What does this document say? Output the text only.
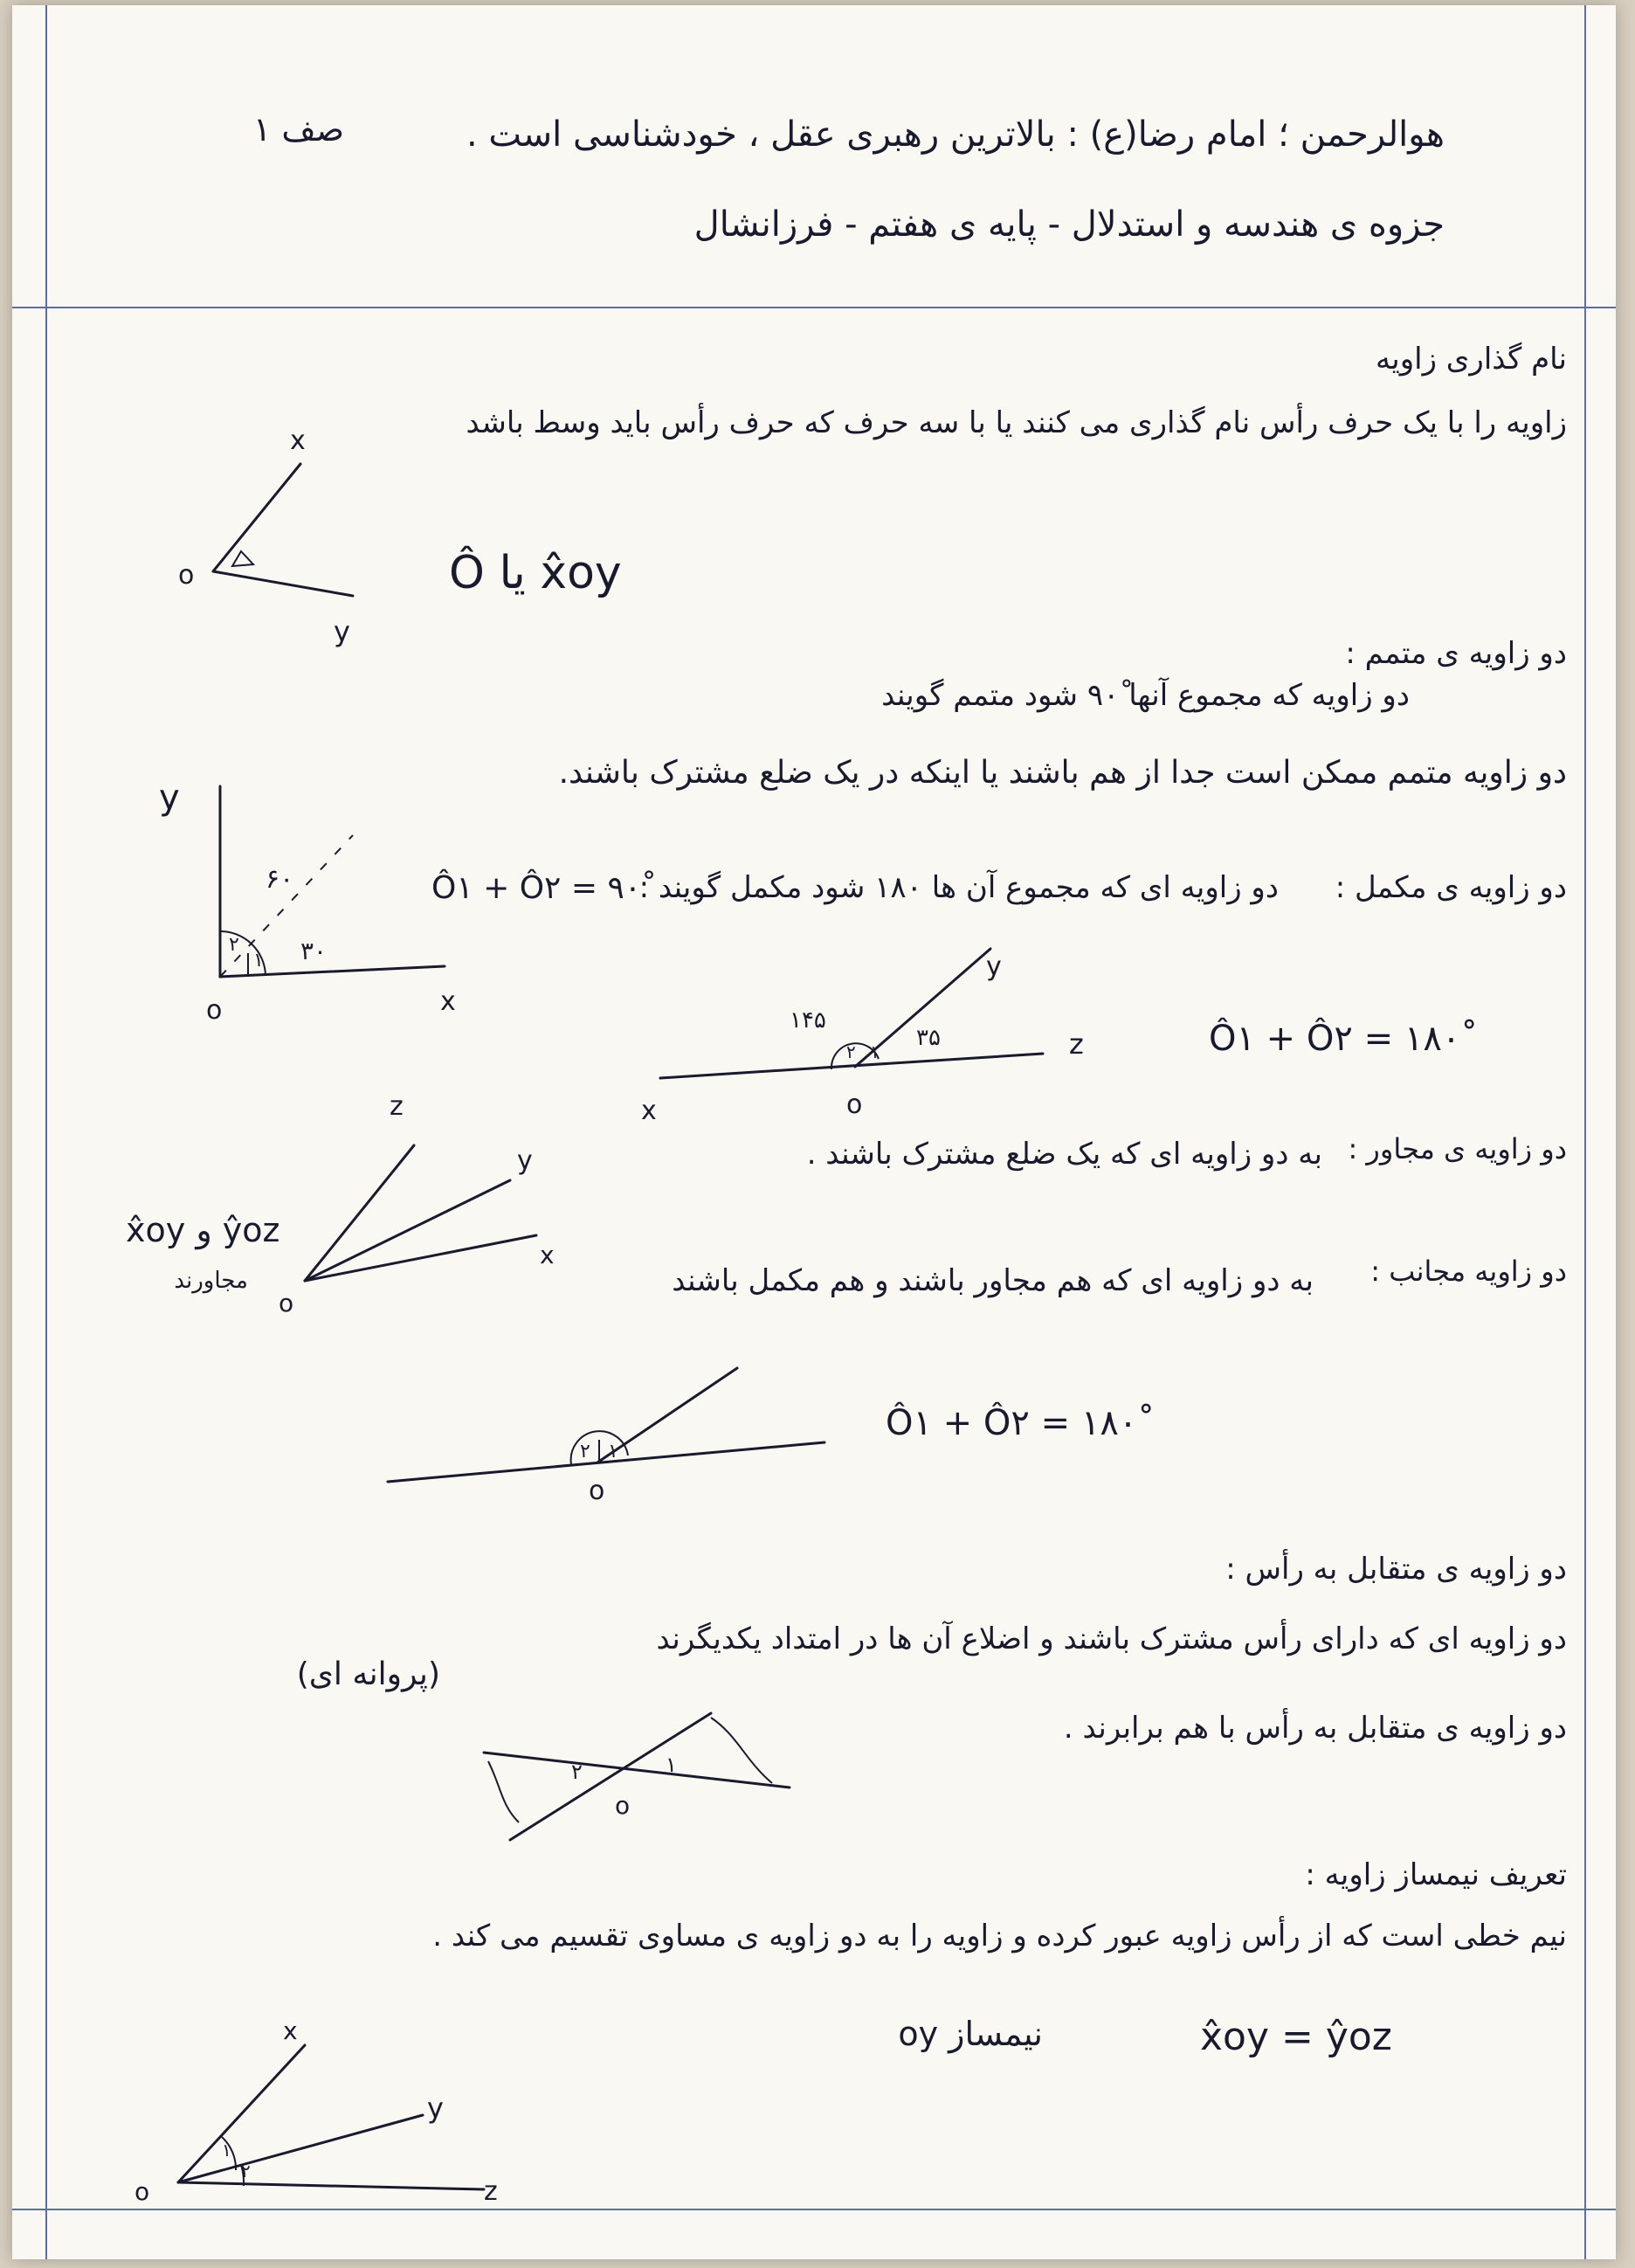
صف ۱	هوالرحمن ؛ امام رضا(ع) : بالاترین رهبری عقل ، خودشناسی است .
جزوه ی هندسه و استدلال - پایه ی هفتم - فرزانشال
نام گذاری زاویه
زاویه را با یک حرف رأس نام گذاری می کنند یا با سه حرف که حرف رأس باید وسط باشد
Ô یا x̂oy
دو زاویه ی متمم :
دو زاویه که مجموع آنها ۹۰ْ شود متمم گویند
دو زاویه متمم ممکن است جدا از هم باشند یا اینکه در یک ضلع مشترک باشند.
دو زاویه ی مکمل :
دو زاویه ای که مجموع آن ها ۱۸۰ شود مکمل گویند :
Ô۱ + Ô۲ = ۹۰ْ
Ô۱ + Ô۲ = ۱۸۰ْ
دو زاویه ی مجاور :
به دو زاویه ای که یک ضلع مشترک باشند .
x̂oy و ŷoz
مجاورند	دو زاویه مجانب :
به دو زاویه ای که هم مجاور باشند و هم مکمل باشند
Ô۱ + Ô۲ = ۱۸۰ْ
دو زاویه ی متقابل به رأس :
دو زاویه ای که دارای رأس مشترک باشند و اضلاع آن ها در امتداد یکدیگرند
(پروانه ای)
دو زاویه ی متقابل به رأس با هم برابرند .
تعریف نیمساز زاویه :
نیم خطی است که از رأس زاویه عبور کرده و زاویه را به دو زاویه ی مساوی تقسیم می کند .
نیمساز oy	x̂oy = ŷoz
o
x
y
y
x
o
۶۰
۳۰
۲
۱	y
z
x	o
۱۴۵
۳۵
۲ ۱
z
y
x
o
o
۲ ۱
o
۲	۱
x
y
z
o
۱
۲
